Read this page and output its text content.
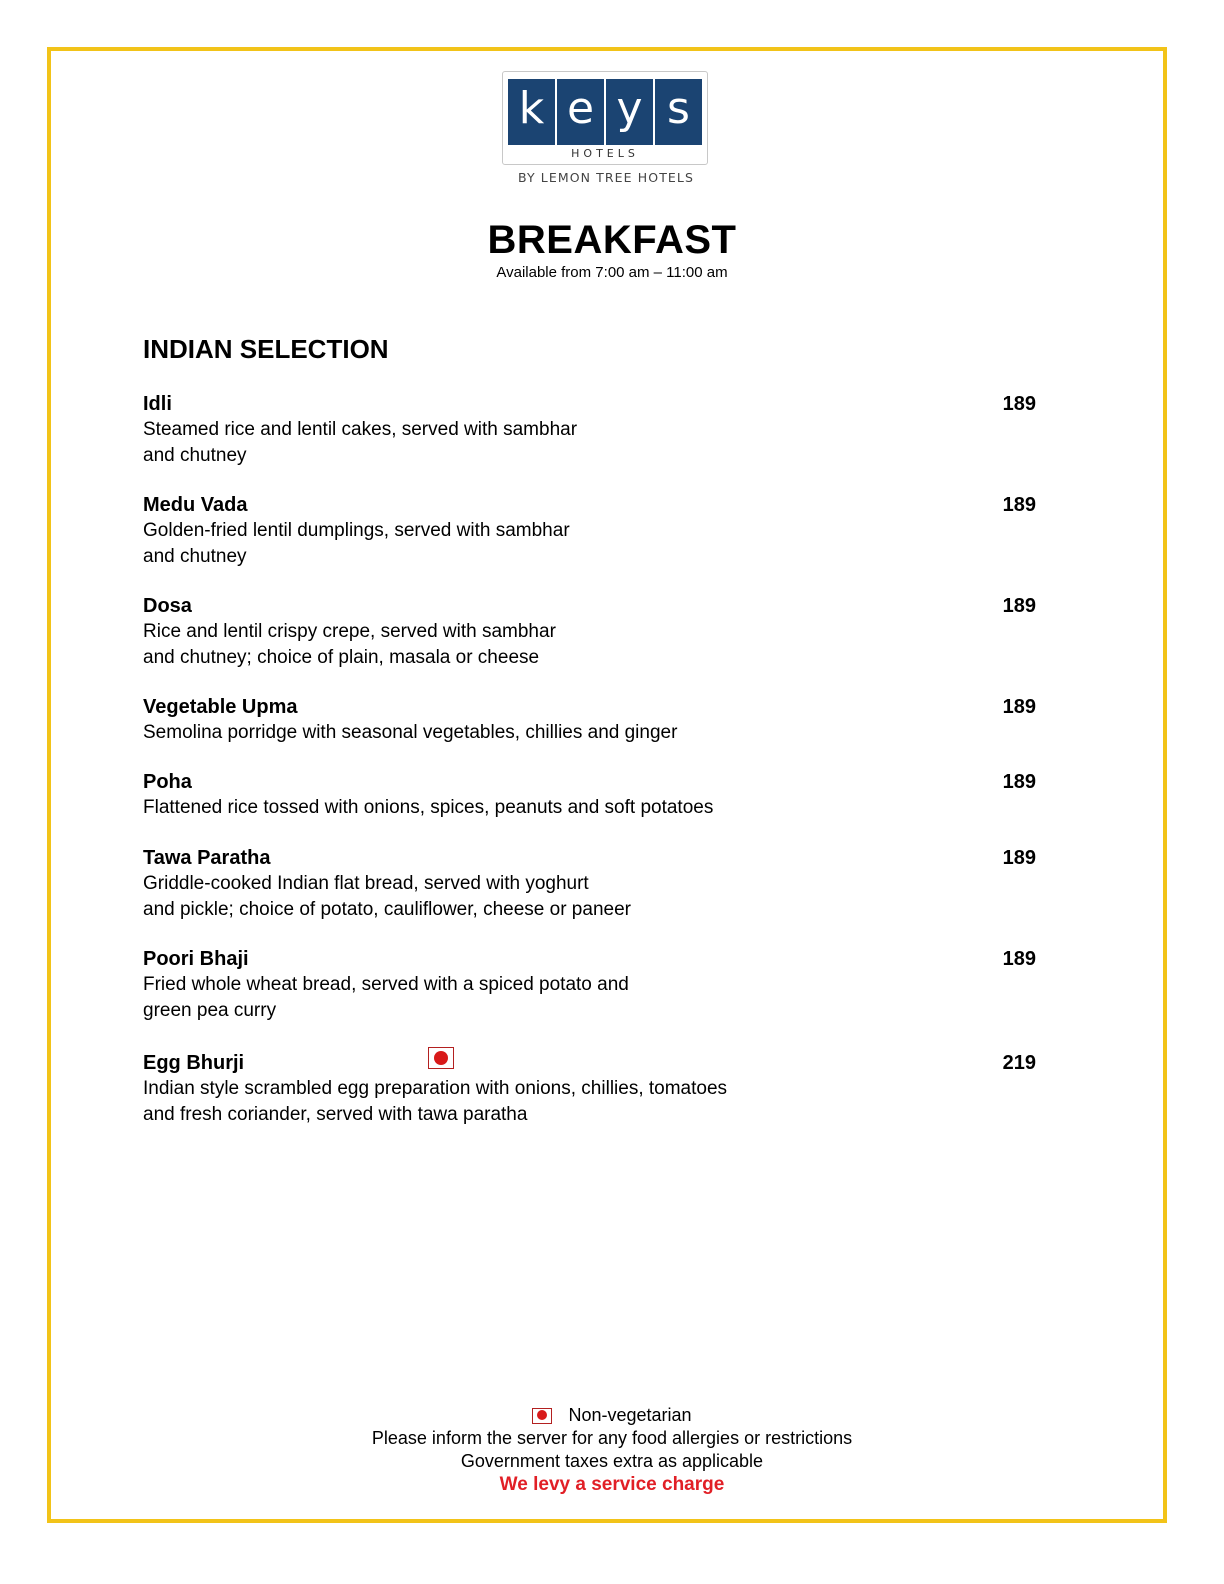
k e y s
HOTELS
BY LEMON TREE HOTELS
BREAKFAST
Available from 7:00 am – 11:00 am
INDIAN SELECTION
Idli	189
Steamed rice and lentil cakes, served with sambhar
and chutney
Medu Vada	189
Golden-fried lentil dumplings, served with sambhar
and chutney
Dosa	189
Rice and lentil crispy crepe, served with sambhar
and chutney; choice of plain, masala or cheese
Vegetable Upma	189
Semolina porridge with seasonal vegetables, chillies and ginger
Poha	189
Flattened rice tossed with onions, spices, peanuts and soft potatoes
Tawa Paratha	189
Griddle-cooked Indian flat bread, served with yoghurt
and pickle; choice of potato, cauliflower, cheese or paneer
Poori Bhaji	189
Fried whole wheat bread, served with a spiced potato and
green pea curry
Egg Bhurji	219
Indian style scrambled egg preparation with onions, chillies, tomatoes
and fresh coriander, served with tawa paratha
Non-vegetarian
Please inform the server for any food allergies or restrictions
Government taxes extra as applicable
We levy a service charge
